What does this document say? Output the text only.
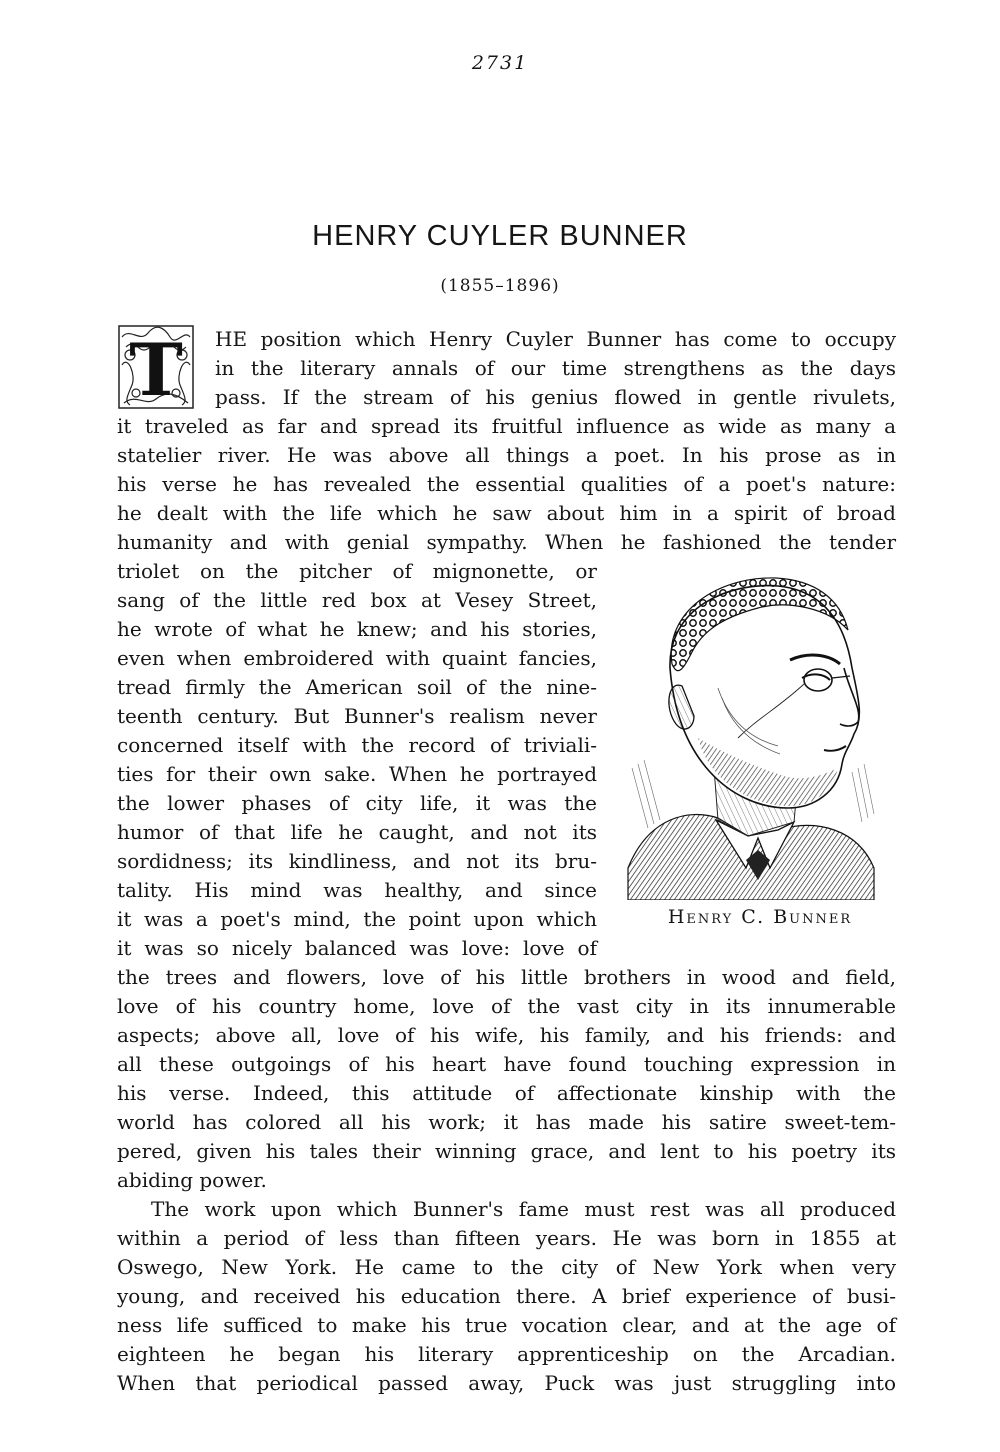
2731
HENRY CUYLER BUNNER
(1855–1896)
T HE position which Henry Cuyler Bunner has come to occupy
in the literary annals of our time strengthens as the days
pass. If the stream of his genius flowed in gentle rivulets,
it traveled as far and spread its fruitful influence as wide as many a
statelier river. He was above all things a poet. In his prose as in
his verse he has revealed the essential qualities of a poet's nature:
he dealt with the life which he saw about him in a spirit of broad
humanity and with genial sympathy. When he fashioned the tender
triolet on the pitcher of mignonette, or
sang of the little red box at Vesey Street,
he wrote of what he knew; and his stories,
even when embroidered with quaint fancies,
tread firmly the American soil of the nine-
teenth century. But Bunner's realism never
concerned itself with the record of triviali-
ties for their own sake. When he portrayed
the lower phases of city life, it was the
humor of that life he caught, and not its
sordidness; its kindliness, and not its bru-
tality. His mind was healthy, and since
it was a poet's mind, the point upon which
it was so nicely balanced was love: love of
the trees and flowers, love of his little brothers in wood and field,
love of his country home, love of the vast city in its innumerable
aspects; above all, love of his wife, his family, and his friends: and
all these outgoings of his heart have found touching expression in
his verse. Indeed, this attitude of affectionate kinship with the
world has colored all his work; it has made his satire sweet-tem-
pered, given his tales their winning grace, and lent to his poetry its
abiding power.
The work upon which Bunner's fame must rest was all produced
within a period of less than fifteen years. He was born in 1855 at
Oswego, New York. He came to the city of New York when very
young, and received his education there. A brief experience of busi-
ness life sufficed to make his true vocation clear, and at the age of
eighteen he began his literary apprenticeship on the Arcadian.
When that periodical passed away, Puck was just struggling into
Henry C. Bunner
